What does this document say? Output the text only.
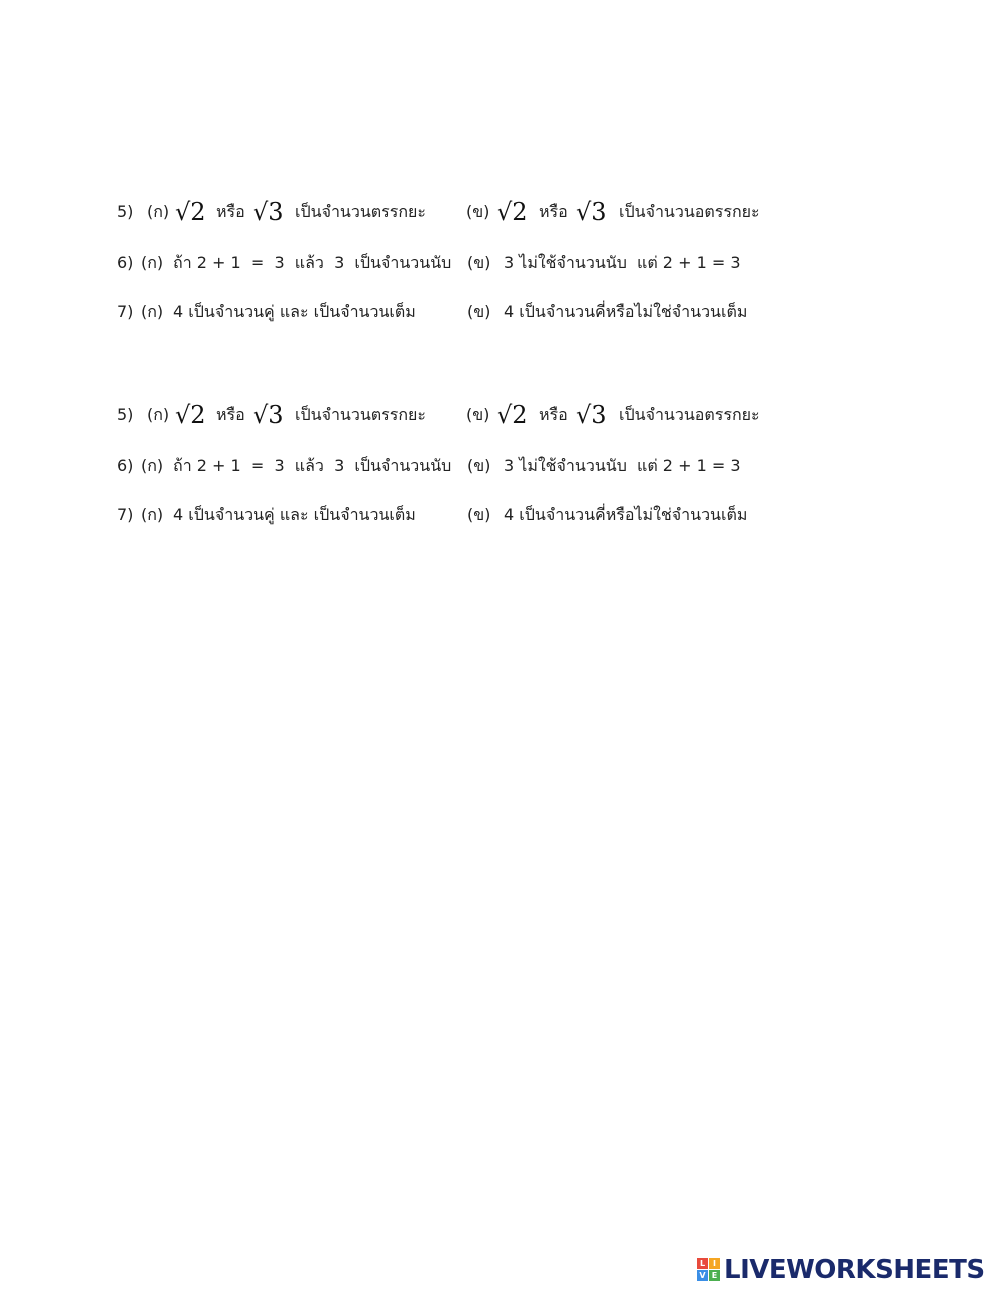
5) (ก) √2 หรือ √3 เป็นจำนวนตรรกยะ (ข) √2 หรือ √3 เป็นจำนวนอตรรกยะ
6) (ก) ถ้า 2 + 1  =  3  แล้ว  3  เป็นจำนวนนับ (ข) 3 ไม่ใช้จำนวนนับ  แต่ 2 + 1 = 3
7) (ก) 4 เป็นจำนวนคู่ และ เป็นจำนวนเต็ม	(ข) 4 เป็นจำนวนคี่หรือไม่ใช่จำนวนเต็ม
5) (ก) √2 หรือ √3 เป็นจำนวนตรรกยะ (ข) √2 หรือ √3 เป็นจำนวนอตรรกยะ
6) (ก) ถ้า 2 + 1  =  3  แล้ว  3  เป็นจำนวนนับ (ข) 3 ไม่ใช้จำนวนนับ  แต่ 2 + 1 = 3
7) (ก) 4 เป็นจำนวนคู่ และ เป็นจำนวนเต็ม	(ข) 4 เป็นจำนวนคี่หรือไม่ใช่จำนวนเต็ม
L I
V E LIVEWORKSHEETS
